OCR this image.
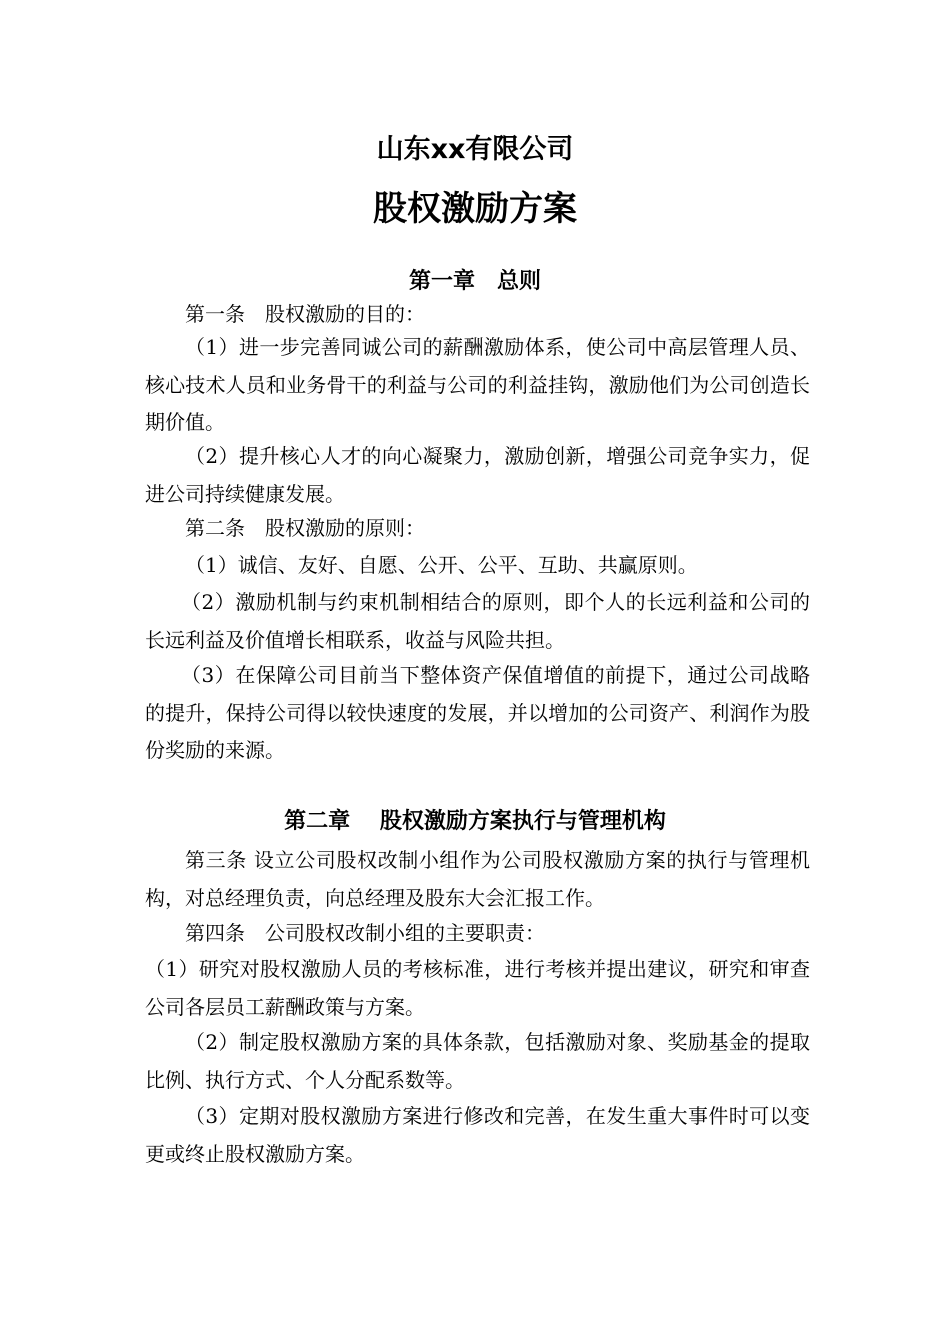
山东xx有限公司
股权激励方案
第一章　总则
第一条　股权激励的目的：
（1）进一步完善同诚公司的薪酬激励体系，使公司中高层管理人员、核心技术人员和业务骨干的利益与公司的利益挂钩，激励他们为公司创造长期价值。
（2）提升核心人才的向心凝聚力，激励创新，增强公司竞争实力，促进公司持续健康发展。
第二条　股权激励的原则：
（1）诚信、友好、自愿、公开、公平、互助、共赢原则。
（2）激励机制与约束机制相结合的原则，即个人的长远利益和公司的长远利益及价值增长相联系，收益与风险共担。
（3）在保障公司目前当下整体资产保值增值的前提下，通过公司战略的提升，保持公司得以较快速度的发展，并以增加的公司资产、利润作为股份奖励的来源。
第二章　 股权激励方案执行与管理机构
第三条 设立公司股权改制小组作为公司股权激励方案的执行与管理机构，对总经理负责，向总经理及股东大会汇报工作。
第四条　公司股权改制小组的主要职责：
（1）研究对股权激励人员的考核标准，进行考核并提出建议，研究和审查公司各层员工薪酬政策与方案。
（2）制定股权激励方案的具体条款，包括激励对象、奖励基金的提取比例、执行方式、个人分配系数等。
（3）定期对股权激励方案进行修改和完善，在发生重大事件时可以变更或终止股权激励方案。
